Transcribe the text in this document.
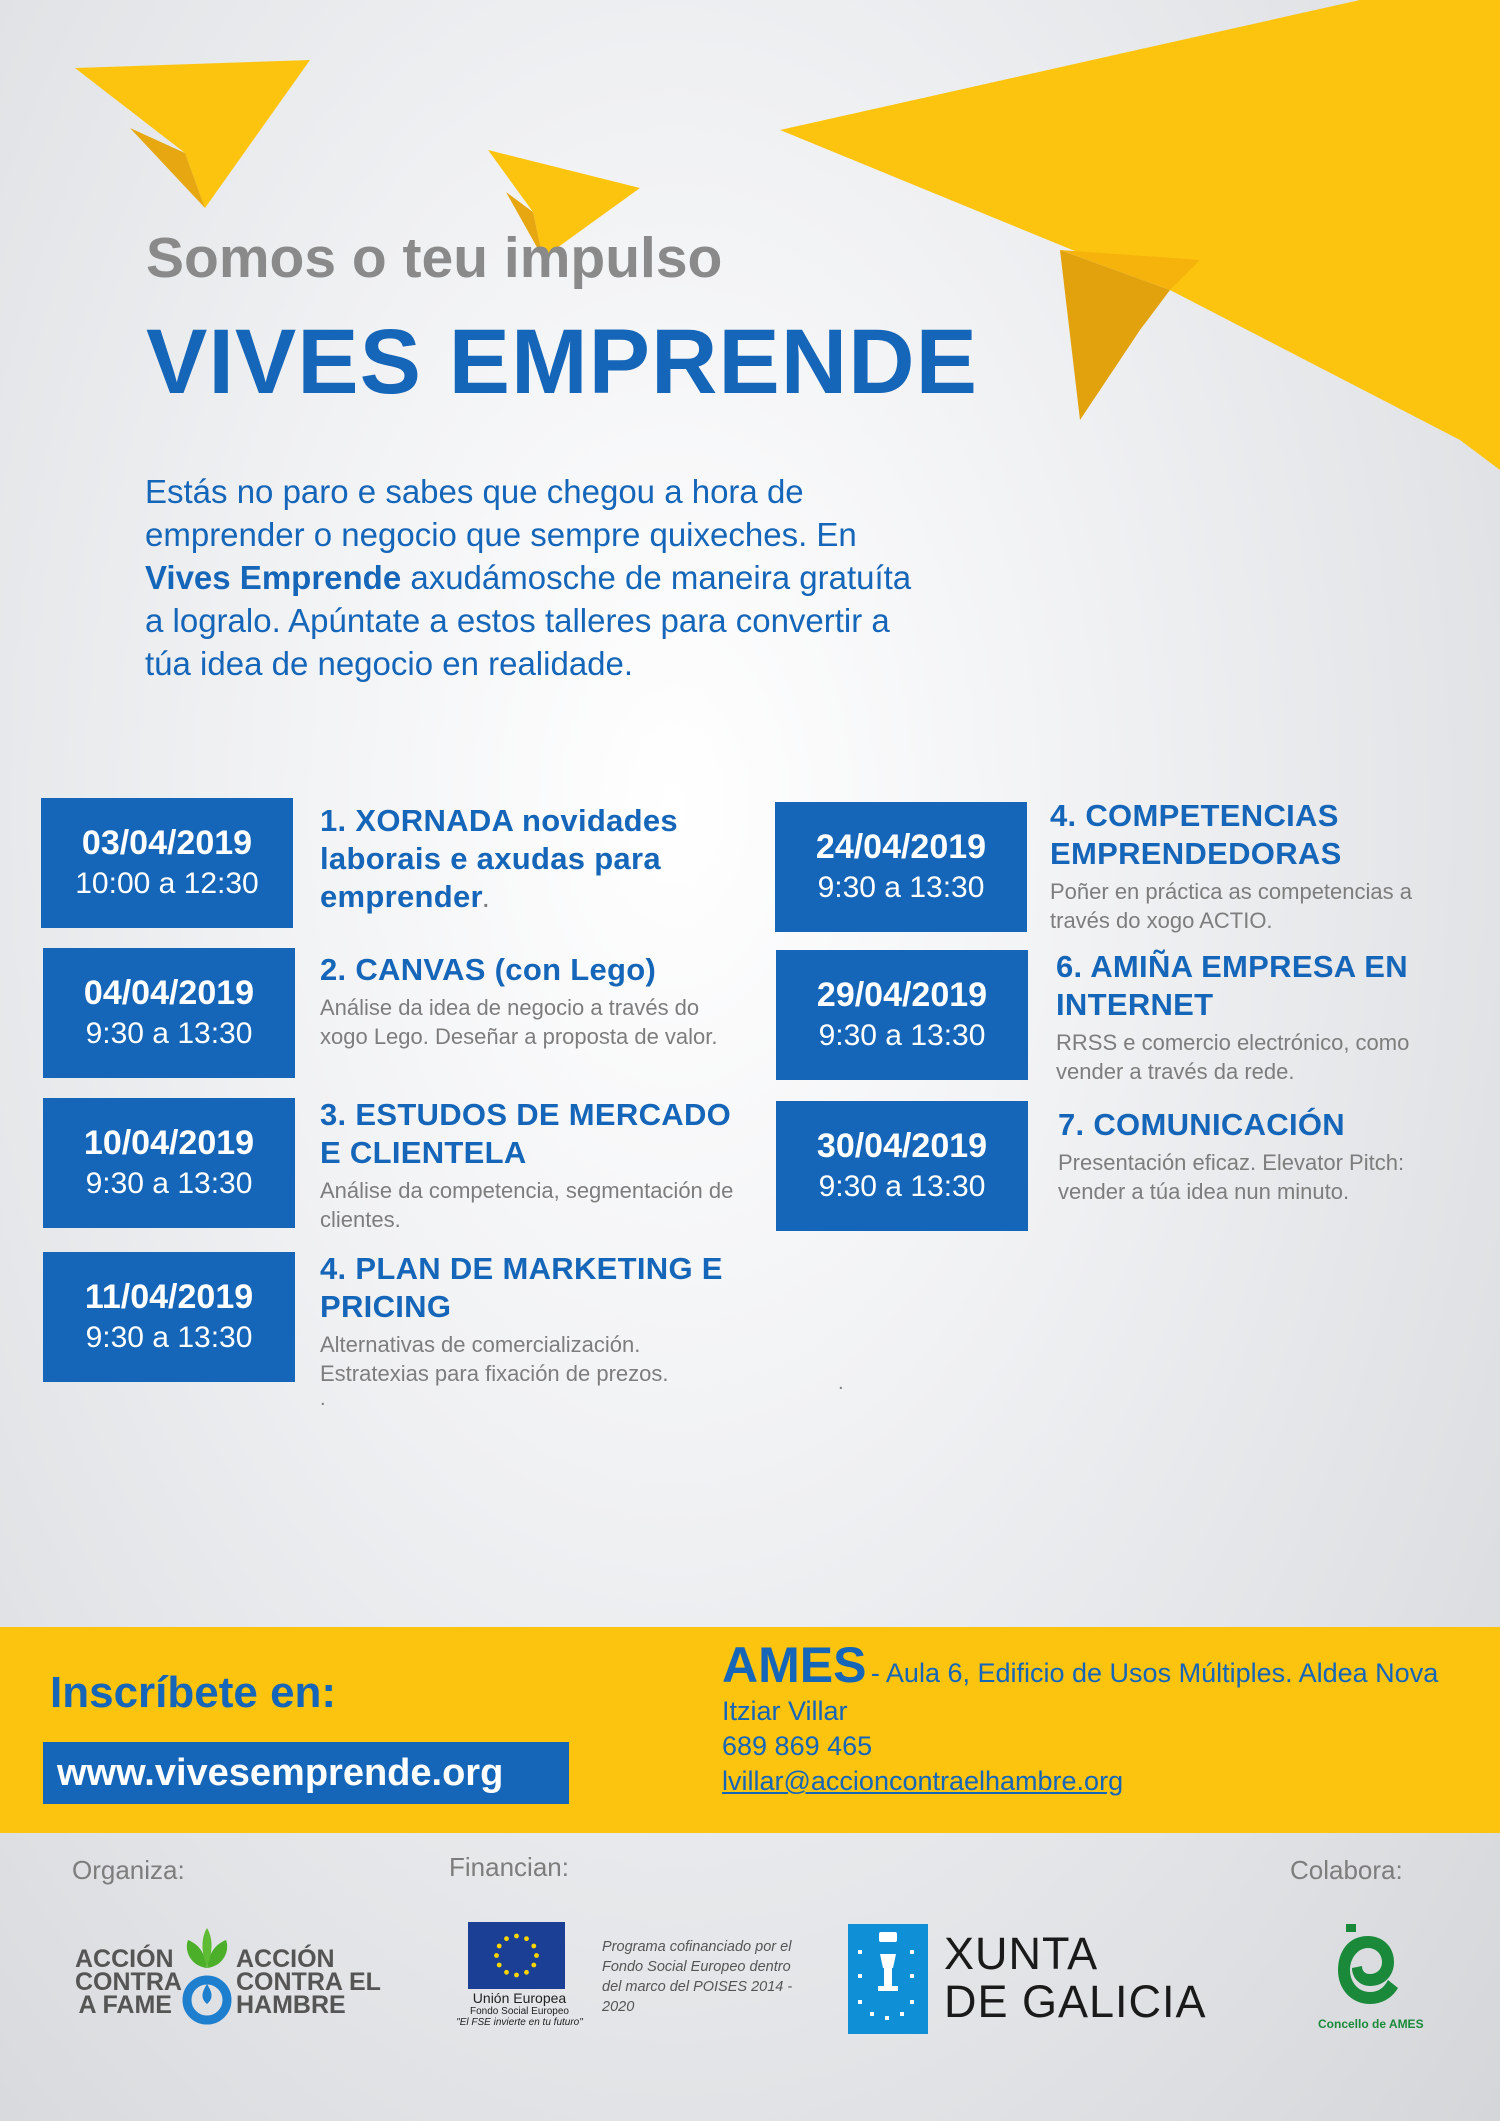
Somos o teu impulso
VIVES EMPRENDE

Estás no paro e sabes que chegou a hora de emprender o negocio que sempre quixeches. En Vives Emprende axudámosche de maneira gratuíta a logralo. Apúntate a estos talleres para convertir a túa idea de negocio en realidade.

03/04/2019
10:00 a 12:30
1. XORNADA novidades laborais e axudas para emprender.
04/04/2019
9:30 a 13:30
2. CANVAS (con Lego)
Análise da idea de negocio a través do xogo Lego. Deseñar a proposta de valor.
10/04/2019
9:30 a 13:30
3. ESTUDOS DE MERCADO E CLIENTELA
Análise da competencia, segmentación de clientes.
11/04/2019
9:30 a 13:30
4. PLAN DE MARKETING E PRICING
Alternativas de comercialización. Estratexias para fixación de prezos.
.
24/04/2019
9:30 a 13:30
4. COMPETENCIAS EMPRENDEDORAS
Poñer en práctica as competencias a través do xogo ACTIO.
29/04/2019
9:30 a 13:30
6. AMIÑA EMPRESA EN INTERNET
RRSS e comercio electrónico, como vender a través da rede.
30/04/2019
9:30 a 13:30
7. COMUNICACIÓN
Presentación eficaz. Elevator Pitch: vender a túa idea nun minuto.
.
Inscríbete en:
www.vivesemprende.org
AMES - Aula 6, Edificio de Usos Múltiples. Aldea Nova
Itziar Villar
689 869 465
lvillar@accioncontraelhambre.org
Organiza:	Financian:	Colabora:
ACCIÓN
CONTRA
A FAME
ACCIÓN
CONTRA EL
HAMBRE	Unión Europea
Fondo Social Europeo
"El FSE invierte en tu futuro"
Programa cofinanciado por el Fondo Social Europeo dentro del marco del POISES 2014 - 2020
XUNTA
DE GALICIA	Concello de AMES
